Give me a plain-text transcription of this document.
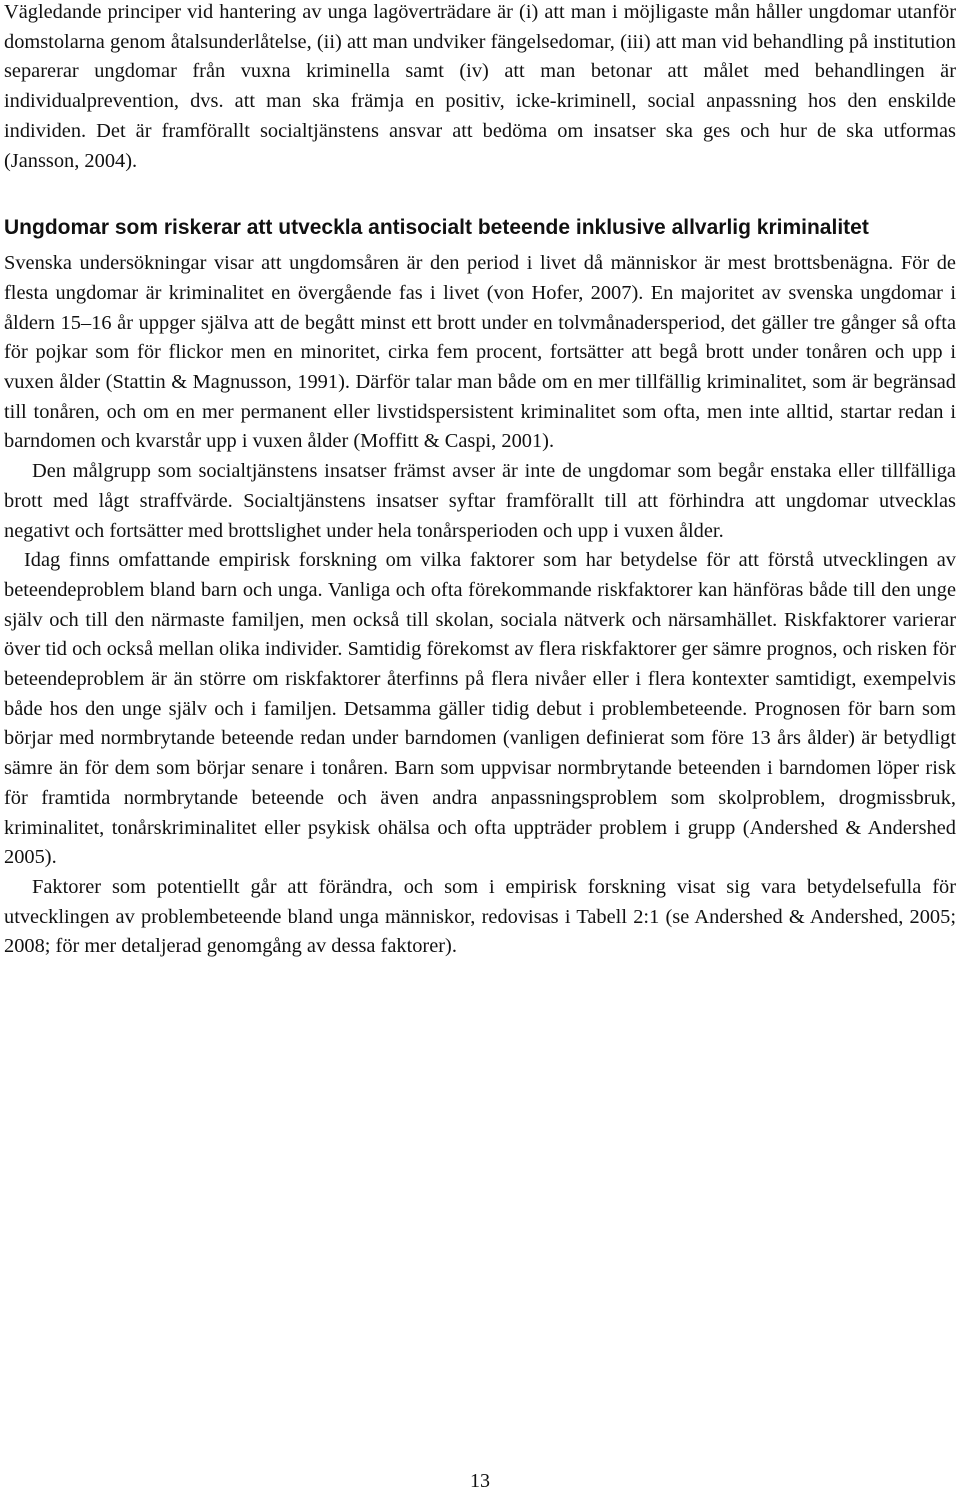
Vägledande principer vid hantering av unga lagöverträdare är (i) att man i möjligaste mån håller ungdomar utanför domstolarna genom åtalsunderlåtelse, (ii) att man undviker fängelsedomar, (iii) att man vid behandling på institution separerar ungdomar från vuxna kriminella samt (iv) att man betonar att målet med behandlingen är individualprevention, dvs. att man ska främja en positiv, icke-kriminell, social anpassning hos den enskilde individen. Det är framförallt socialtjänstens ansvar att bedöma om insatser ska ges och hur de ska utformas (Jansson, 2004).

Ungdomar som riskerar att utveckla antisocialt beteende inklusive allvarlig kriminalitet

Svenska undersökningar visar att ungdomsåren är den period i livet då människor är mest brottsbenägna. För de flesta ungdomar är kriminalitet en övergående fas i livet (von Hofer, 2007). En majoritet av svenska ungdomar i åldern 15–16 år uppger själva att de begått minst ett brott under en tolvmånadersperiod, det gäller tre gånger så ofta för pojkar som för flickor men en minoritet, cirka fem procent, fortsätter att begå brott under tonåren och upp i vuxen ålder (Stattin & Magnusson, 1991). Därför talar man både om en mer tillfällig kriminalitet, som är begränsad till tonåren, och om en mer permanent eller livstidspersistent kriminalitet som ofta, men inte alltid, startar redan i barndomen och kvarstår upp i vuxen ålder (Moffitt & Caspi, 2001).

Den målgrupp som socialtjänstens insatser främst avser är inte de ungdomar som begår enstaka eller tillfälliga brott med lågt straffvärde. Socialtjänstens insatser syftar framförallt till att förhindra att ungdomar utvecklas negativt och fortsätter med brottslighet under hela tonårsperioden och upp i vuxen ålder.

Idag finns omfattande empirisk forskning om vilka faktorer som har betydelse för att förstå utvecklingen av beteendeproblem bland barn och unga. Vanliga och ofta förekommande riskfaktorer kan hänföras både till den unge själv och till den närmaste familjen, men också till skolan, sociala nätverk och närsamhället. Riskfaktorer varierar över tid och också mellan olika individer. Samtidig förekomst av flera riskfaktorer ger sämre prognos, och risken för beteendeproblem är än större om riskfaktorer återfinns på flera nivåer eller i flera kontexter samtidigt, exempelvis både hos den unge själv och i familjen. Detsamma gäller tidig debut i problembeteende. Prognosen för barn som börjar med normbrytande beteende redan under barndomen (vanligen definierat som före 13 års ålder) är betydligt sämre än för dem som börjar senare i tonåren. Barn som uppvisar normbrytande beteenden i barndomen löper risk för framtida normbrytande beteende och även andra anpassningsproblem som skolproblem, drogmissbruk, kriminalitet, tonårskriminalitet eller psykisk ohälsa och ofta uppträder problem i grupp (Andershed & Andershed 2005).

Faktorer som potentiellt går att förändra, och som i empirisk forskning visat sig vara betydelsefulla för utvecklingen av problembeteende bland unga människor, redovisas i Tabell 2:1 (se Andershed & Andershed, 2005; 2008; för mer detaljerad genomgång av dessa faktorer).

13
